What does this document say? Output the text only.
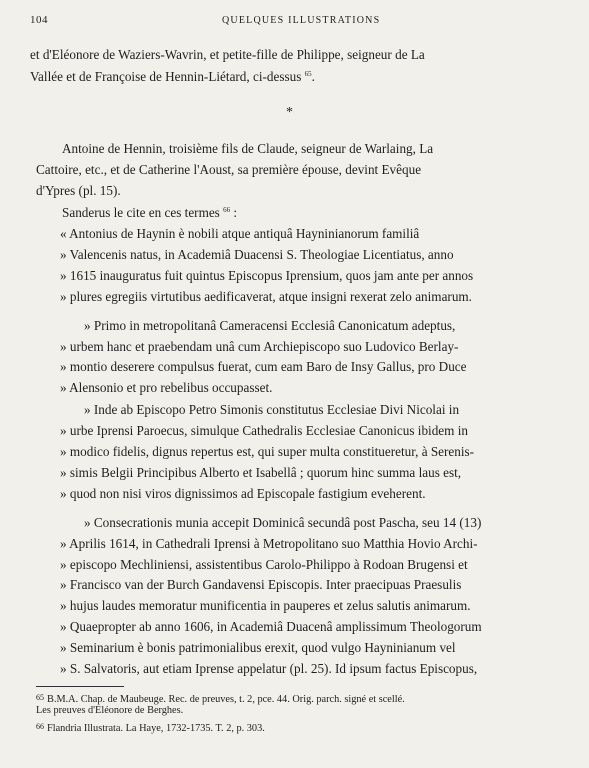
104	QUELQUES ILLUSTRATIONS
et d'Eléonore de Waziers-Wavrin, et petite-fille de Philippe, seigneur de La
Vallée et de Françoise de Hennin-Liétard, ci-dessus $^{65}$.
*
Antoine de Hennin, troisième fils de Claude, seigneur de Warlaing, La
Cattoire, etc., et de Catherine l'Aoust, sa première épouse, devint Evêque
d'Ypres (pl. 15).
Sanderus le cite en ces termes $^{66}$ :
« Antonius de Haynin è nobili atque antiquâ Hayninianorum familiâ
» Valencenis natus, in Academiâ Duacensi S. Theologiae Licentiatus, anno
» 1615 inauguratus fuit quintus Episcopus Iprensium, quos jam ante per annos
» plures egregiis virtutibus aedificaverat, atque insigni rexerat zelo animarum.
» Primo in metropolitanâ Cameracensi Ecclesiâ Canonicatum adeptus,
» urbem hanc et praebendam unâ cum Archiepiscopo suo Ludovico Berlay-
» montio deserere compulsus fuerat, cum eam Baro de Insy Gallus, pro Duce
» Alensonio et pro rebelibus occupasset.
» Inde ab Episcopo Petro Simonis constitutus Ecclesiae Divi Nicolai in
» urbe Iprensi Paroecus, simulque Cathedralis Ecclesiae Canonicus ibidem in
» modico fidelis, dignus repertus est, qui super multa constitueretur, à Serenis-
» simis Belgii Principibus Alberto et Isabellâ ; quorum hinc summa laus est,
» quod non nisi viros dignissimos ad Episcopale fastigium eveherent.
» Consecrationis munia accepit Dominicâ secundâ post Pascha, seu 14 (13)
» Aprilis 1614, in Cathedrali Iprensi à Metropolitano suo Matthia Hovio Archi-
» episcopo Mechliniensi, assistentibus Carolo-Philippo à Rodoan Brugensi et
» Francisco van der Burch Gandavensi Episcopis. Inter praecipuas Praesulis
» hujus laudes memoratur munificentia in pauperes et zelus salutis animarum.
» Quaepropter ab anno 1606, in Academiâ Duacenâ amplissimum Theologorum
» Seminarium è bonis patrimonialibus erexit, quod vulgo Hayninianum vel
» S. Salvatoris, aut etiam Iprense appelatur (pl. 25). Id ipsum factus Episcopus,
65 B.M.A. Chap. de Maubeuge. Rec. de preuves, t. 2, pce. 44. Orig. parch. signé et scellé.
Les preuves d'Eléonore de Berghes.
66 Flandria Illustrata. La Haye, 1732-1735. T. 2, p. 303.
